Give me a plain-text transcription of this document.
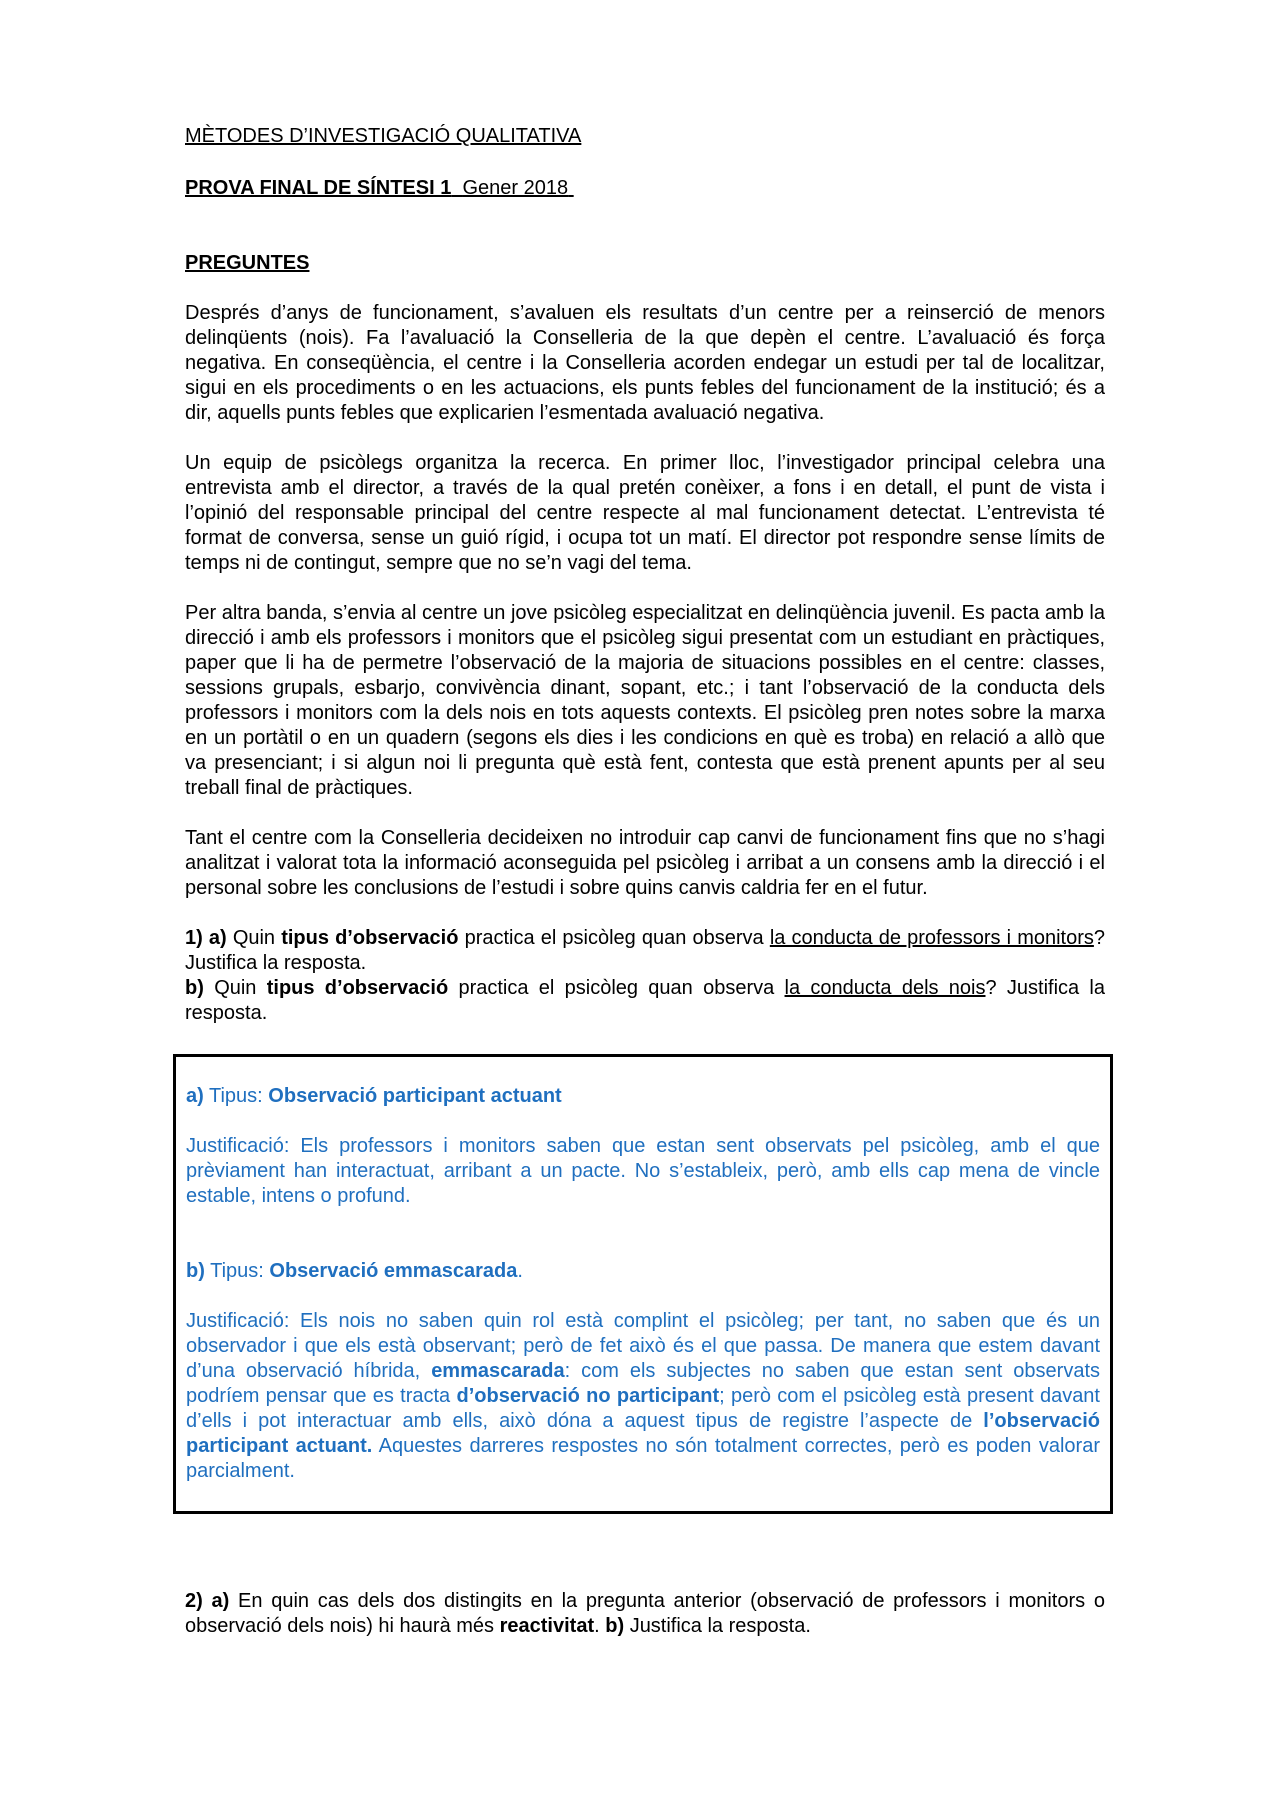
MÈTODES D’INVESTIGACIÓ QUALITATIVA

PROVA FINAL DE SÍNTESI 1 Gener 2018

PREGUNTES

Després d’anys de funcionament, s’avaluen els resultats d’un centre per a reinserció de menors delinqüents (nois). Fa l’avaluació la Conselleria de la que depèn el centre. L’avaluació és força negativa. En conseqüència, el centre i la Conselleria acorden endegar un estudi per tal de localitzar, sigui en els procediments o en les actuacions, els punts febles del funcionament de la institució; és a dir, aquells punts febles que explicarien l’esmentada avaluació negativa.

Un equip de psicòlegs organitza la recerca. En primer lloc, l’investigador principal celebra una entrevista amb el director, a través de la qual pretén conèixer, a fons i en detall, el punt de vista i l’opinió del responsable principal del centre respecte al mal funcionament detectat. L’entrevista té format de conversa, sense un guió rígid, i ocupa tot un matí. El director pot respondre sense límits de temps ni de contingut, sempre que no se’n vagi del tema.

Per altra banda, s’envia al centre un jove psicòleg especialitzat en delinqüència juvenil. Es pacta amb la direcció i amb els professors i monitors que el psicòleg sigui presentat com un estudiant en pràctiques, paper que li ha de permetre l’observació de la majoria de situacions possibles en el centre: classes, sessions grupals, esbarjo, convivència dinant, sopant, etc.; i tant l’observació de la conducta dels professors i monitors com la dels nois en tots aquests contexts. El psicòleg pren notes sobre la marxa en un portàtil o en un quadern (segons els dies i les condicions en què es troba) en relació a allò que va presenciant; i si algun noi li pregunta què està fent, contesta que està prenent apunts per al seu treball final de pràctiques.

Tant el centre com la Conselleria decideixen no introduir cap canvi de funcionament fins que no s’hagi analitzat i valorat tota la informació aconseguida pel psicòleg i arribat a un consens amb la direcció i el personal sobre les conclusions de l’estudi i sobre quins canvis caldria fer en el futur.

1) a) Quin tipus d’observació practica el psicòleg quan observa la conducta de professors i monitors? Justifica la resposta.

b) Quin tipus d’observació practica el psicòleg quan observa la conducta dels nois? Justifica la resposta.

a) Tipus: Observació participant actuant

Justificació: Els professors i monitors saben que estan sent observats pel psicòleg, amb el que prèviament han interactuat, arribant a un pacte. No s’estableix, però, amb ells cap mena de vincle estable, intens o profund.

b) Tipus: Observació emmascarada.

Justificació: Els nois no saben quin rol està complint el psicòleg; per tant, no saben que és un observador i que els està observant; però de fet això és el que passa. De manera que estem davant d’una observació híbrida, emmascarada: com els subjectes no saben que estan sent observats podríem pensar que es tracta d’observació no participant; però com el psicòleg està present davant d’ells i pot interactuar amb ells, això dóna a aquest tipus de registre l’aspecte de l’observació participant actuant. Aquestes darreres respostes no són totalment correctes, però es poden valorar parcialment.

2) a) En quin cas dels dos distingits en la pregunta anterior (observació de professors i monitors o observació dels nois) hi haurà més reactivitat. b) Justifica la resposta.
